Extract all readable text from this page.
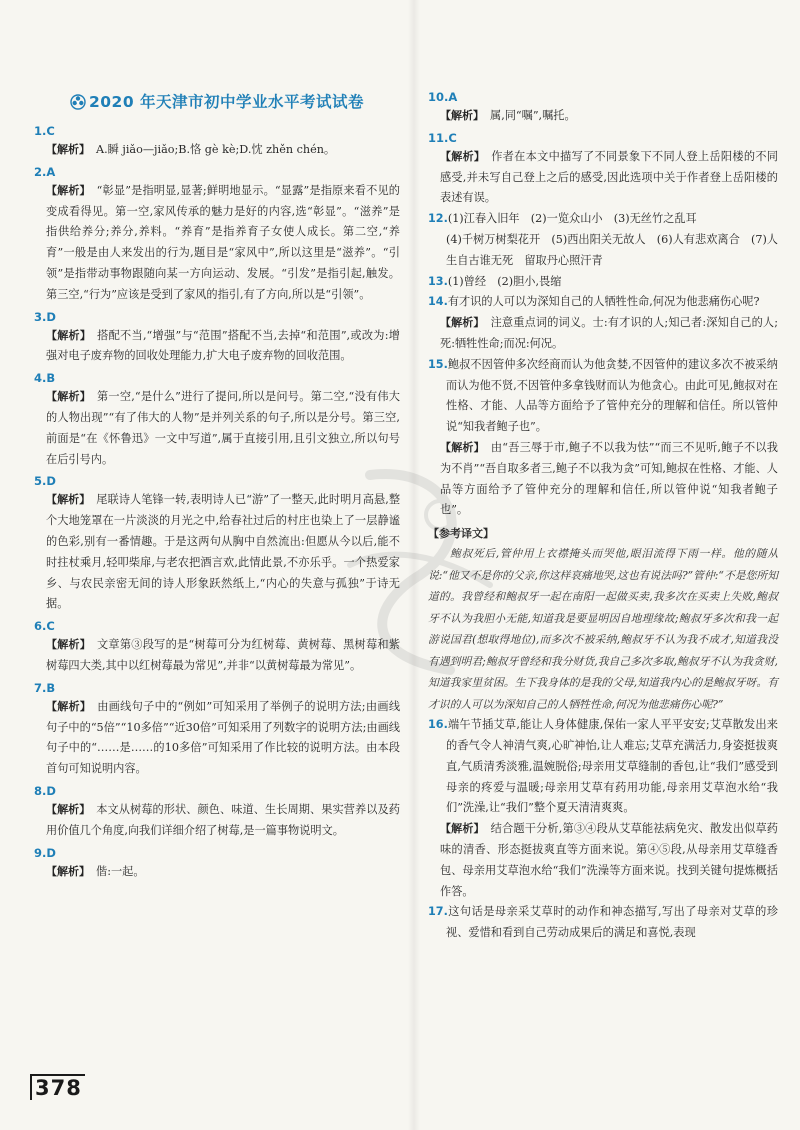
2020 年天津市初中学业水平考试试卷
1.C
【解析】 A.瞬 jiǎo—jiǎo;B.恪 gè kè;D.忱 zhěn chén。
2.A
【解析】 “彰显”是指明显,显著;鲜明地显示。“显露”是指原来看不见的变成看得见。第一空,家风传承的魅力是好的内容,选“彰显”。“滋养”是指供给养分;养分,养料。“养育”是指养育子女使人成长。第二空,“养育”一般是由人来发出的行为,题目是“家风中”,所以这里是“滋养”。“引领”是指带动事物跟随向某一方向运动、发展。“引发”是指引起,触发。第三空,“行为”应该是受到了家风的指引,有了方向,所以是“引领”。
3.D
【解析】 搭配不当,“增强”与“范围”搭配不当,去掉“和范围”,或改为:增强对电子废弃物的回收处理能力,扩大电子废弃物的回收范围。
4.B
【解析】 第一空,“是什么”进行了提问,所以是问号。第二空,“没有伟大的人物出现”“有了伟大的人物”是并列关系的句子,所以是分号。第三空,前面是“在《怀鲁迅》一文中写道”,属于直接引用,且引文独立,所以句号在后引号内。
5.D
【解析】 尾联诗人笔锋一转,表明诗人已“游”了一整天,此时明月高悬,整个大地笼罩在一片淡淡的月光之中,给春社过后的村庄也染上了一层静谧的色彩,别有一番情趣。于是这两句从胸中自然流出:但愿从今以后,能不时拄杖乘月,轻叩柴扉,与老农把酒言欢,此情此景,不亦乐乎。一个热爱家乡、与农民亲密无间的诗人形象跃然纸上,“内心的失意与孤独”于诗无据。
6.C
【解析】 文章第③段写的是“树莓可分为红树莓、黄树莓、黑树莓和紫树莓四大类,其中以红树莓最为常见”,并非“以黄树莓最为常见”。
7.B
【解析】 由画线句子中的“例如”可知采用了举例子的说明方法;由画线句子中的“5倍”“10多倍”“近30倍”可知采用了列数字的说明方法;由画线句子中的“……是……的10多倍”可知采用了作比较的说明方法。由本段首句可知说明内容。
8.D
【解析】 本文从树莓的形状、颜色、味道、生长周期、果实营养以及药用价值几个角度,向我们详细介绍了树莓,是一篇事物说明文。
9.D
【解析】 偕:一起。
10.A
【解析】 属,同“嘱”,嘱托。
11.C
【解析】 作者在本文中描写了不同景象下不同人登上岳阳楼的不同感受,并未写自己登上之后的感受,因此选项中关于作者登上岳阳楼的表述有误。
12.(1)江春入旧年　(2)一览众山小　(3)无丝竹之乱耳
(4)千树万树梨花开　(5)西出阳关无故人　(6)人有悲欢离合　(7)人生自古谁无死　留取丹心照汗青
13.(1)曾经　(2)胆小,畏缩
14.有才识的人可以为深知自己的人牺牲性命,何况为他悲痛伤心呢?
【解析】 注意重点词的词义。士:有才识的人;知己者:深知自己的人;死:牺牲性命;而况:何况。
15.鲍叔不因管仲多次经商而认为他贪婪,不因管仲的建议多次不被采纳而认为他不贤,不因管仲多拿钱财而认为他贪心。由此可见,鲍叔对在性格、才能、人品等方面给予了管仲充分的理解和信任。所以管仲说“知我者鲍子也”。
【解析】 由“吾三辱于市,鲍子不以我为怯”“而三不见听,鲍子不以我为不肖”“吾自取多者三,鲍子不以我为贪”可知,鲍叔在性格、才能、人品等方面给予了管仲充分的理解和信任,所以管仲说“知我者鲍子也”。
【参考译文】
鲍叔死后,管仲用上衣襟掩头而哭他,眼泪流得下雨一样。他的随从说:“他又不是你的父亲,你这样哀痛地哭,这也有说法吗?”管仲:“不是您所知道的。我曾经和鲍叔牙一起在南阳一起做买卖,我多次在买卖上失败,鲍叔牙不认为我胆小无能,知道我是要显明因自地理缘故;鲍叔牙多次和我一起游说国君(想取得地位),而多次不被采纳,鲍叔牙不认为我不成才,知道我没有遇到明君;鲍叔牙曾经和我分财货,我自己多次多取,鲍叔牙不认为我贪财,知道我家里贫困。生下我身体的是我的父母,知道我内心的是鲍叔牙呀。有才识的人可以为深知自己的人牺牲性命,何况为他悲痛伤心呢?”
16.端午节插艾草,能让人身体健康,保佑一家人平平安安;艾草散发出来的香气令人神清气爽,心旷神怡,让人难忘;艾草充满活力,身姿挺拔爽直,气质清秀淡雅,温婉脱俗;母亲用艾草缝制的香包,让“我们”感受到母亲的疼爱与温暖;母亲用艾草有药用功能,母亲用艾草泡水给“我们”洗澡,让“我们”整个夏天清清爽爽。
【解析】 结合题干分析,第③④段从艾草能祛病免灾、散发出似草药味的清香、形态挺拔爽直等方面来说。第④⑤段,从母亲用艾草缝香包、母亲用艾草泡水给“我们”洗澡等方面来说。找到关键句提炼概括作答。
17.这句话是母亲采艾草时的动作和神态描写,写出了母亲对艾草的珍视、爱惜和看到自己劳动成果后的满足和喜悦,表现
378
